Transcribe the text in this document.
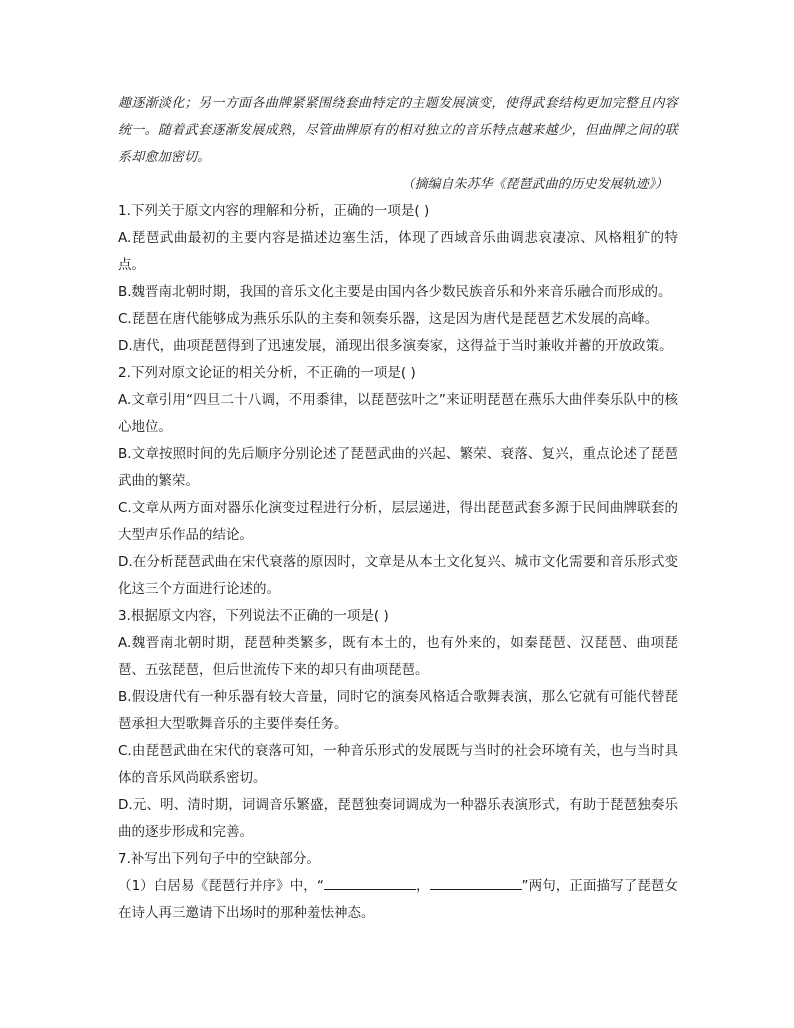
趣逐渐淡化；另一方面各曲牌紧紧围绕套曲特定的主题发展演变，使得武套结构更加完整且内容统一。随着武套逐渐发展成熟，尽管曲牌原有的相对独立的音乐特点越来越少，但曲牌之间的联系却愈加密切。
（摘编自朱苏华《琵琶武曲的历史发展轨迹》）
1.下列关于原文内容的理解和分析，正确的一项是( )
A.琵琶武曲最初的主要内容是描述边塞生活，体现了西域音乐曲调悲哀凄凉、风格粗犷的特点。
B.魏晋南北朝时期，我国的音乐文化主要是由国内各少数民族音乐和外来音乐融合而形成的。
C.琵琶在唐代能够成为燕乐乐队的主奏和领奏乐器，这是因为唐代是琵琶艺术发展的高峰。
D.唐代，曲项琵琶得到了迅速发展，涌现出很多演奏家，这得益于当时兼收并蓄的开放政策。
2.下列对原文论证的相关分析，不正确的一项是( )
A.文章引用“四旦二十八调，不用黍律，以琵琶弦叶之”来证明琵琶在燕乐大曲伴奏乐队中的核心地位。
B.文章按照时间的先后顺序分别论述了琵琶武曲的兴起、繁荣、衰落、复兴，重点论述了琵琶武曲的繁荣。
C.文章从两方面对器乐化演变过程进行分析，层层递进，得出琵琶武套多源于民间曲牌联套的大型声乐作品的结论。
D.在分析琵琶武曲在宋代衰落的原因时，文章是从本土文化复兴、城市文化需要和音乐形式变化这三个方面进行论述的。
3.根据原文内容，下列说法不正确的一项是( )
A.魏晋南北朝时期，琵琶种类繁多，既有本土的，也有外来的，如秦琵琶、汉琵琶、曲项琵琶、五弦琵琶，但后世流传下来的却只有曲项琵琶。
B.假设唐代有一种乐器有较大音量，同时它的演奏风格适合歌舞表演，那么它就有可能代替琵琶承担大型歌舞音乐的主要伴奏任务。
C.由琵琶武曲在宋代的衰落可知，一种音乐形式的发展既与当时的社会环境有关，也与当时具体的音乐风尚联系密切。
D.元、明、清时期，词调音乐繁盛，琵琶独奏词调成为一种器乐表演形式，有助于琵琶独奏乐曲的逐步形成和完善。
7.补写出下列句子中的空缺部分。
（1）白居易《琵琶行并序》中，“	，	”两句，正面描写了琵琶女在诗人再三邀请下出场时的那种羞怯神态。
